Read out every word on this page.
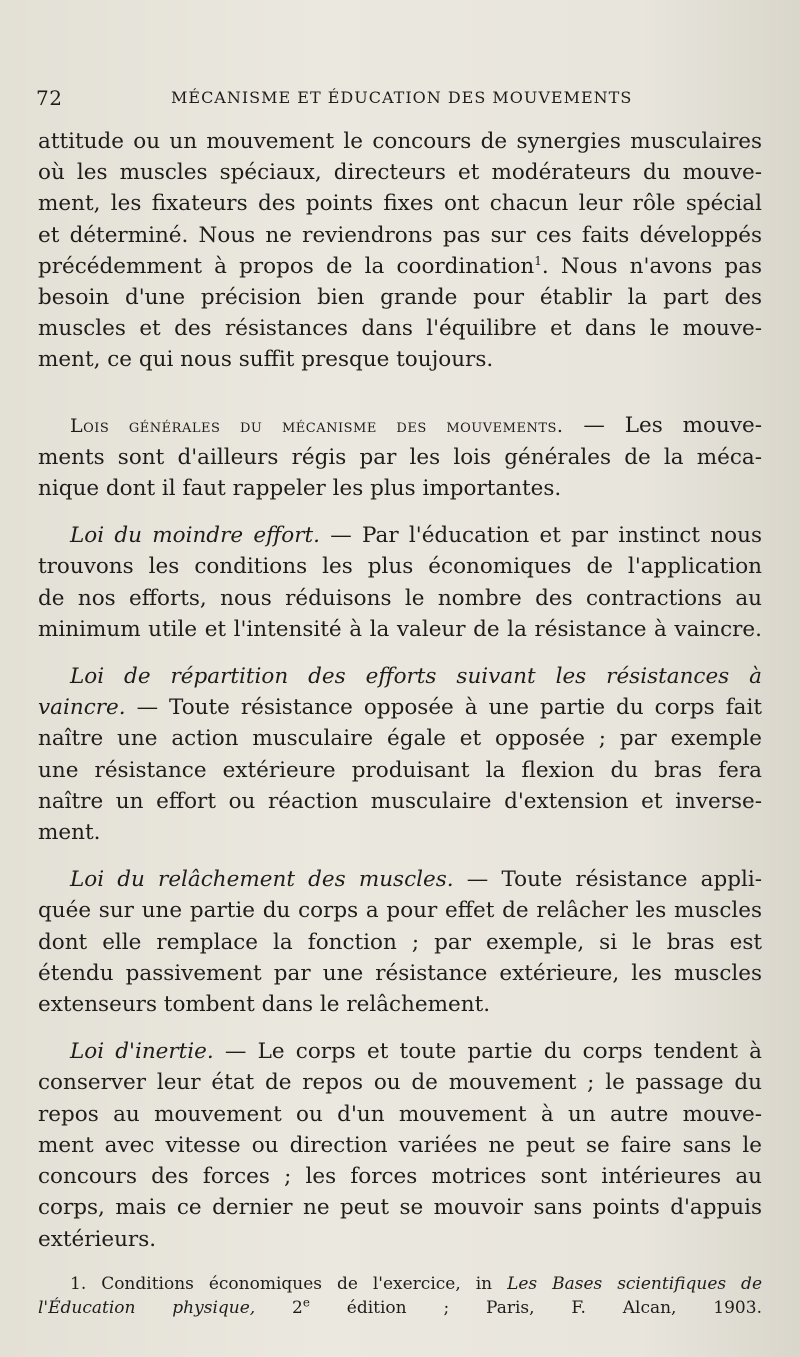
72	MÉCANISME ET ÉDUCATION DES MOUVEMENTS

attitude ou un mouvement le concours de synergies musculaires
où les muscles spéciaux, directeurs et modérateurs du mouve-
ment, les fixateurs des points fixes ont chacun leur rôle spécial
et déterminé. Nous ne reviendrons pas sur ces faits développés
précédemment à propos de la coordination$^1$. Nous n'avons pas
besoin d'une précision bien grande pour établir la part des
muscles et des résistances dans l'équilibre et dans le mouve-
ment, ce qui nous suffit presque toujours.

Lois générales du mécanisme des mouvements. — Les mouve-
ments sont d'ailleurs régis par les lois générales de la méca-
nique dont il faut rappeler les plus importantes.

Loi du moindre effort. — Par l'éducation et par instinct nous
trouvons les conditions les plus économiques de l'application
de nos efforts, nous réduisons le nombre des contractions au
minimum utile et l'intensité à la valeur de la résistance à vaincre.

Loi de répartition des efforts suivant les résistances à
vaincre. — Toute résistance opposée à une partie du corps fait
naître une action musculaire égale et opposée ; par exemple
une résistance extérieure produisant la flexion du bras fera
naître un effort ou réaction musculaire d'extension et inverse-
ment.

Loi du relâchement des muscles. — Toute résistance appli-
quée sur une partie du corps a pour effet de relâcher les muscles
dont elle remplace la fonction ; par exemple, si le bras est
étendu passivement par une résistance extérieure, les muscles
extenseurs tombent dans le relâchement.

Loi d'inertie. — Le corps et toute partie du corps tendent à
conserver leur état de repos ou de mouvement ; le passage du
repos au mouvement ou d'un mouvement à un autre mouve-
ment avec vitesse ou direction variées ne peut se faire sans le
concours des forces ; les forces motrices sont intérieures au
corps, mais ce dernier ne peut se mouvoir sans points d'appuis
extérieurs.

1. Conditions économiques de l'exercice, in Les Bases scientifiques de
l'Éducation physique, 2e édition ; Paris, F. Alcan, 1903.
